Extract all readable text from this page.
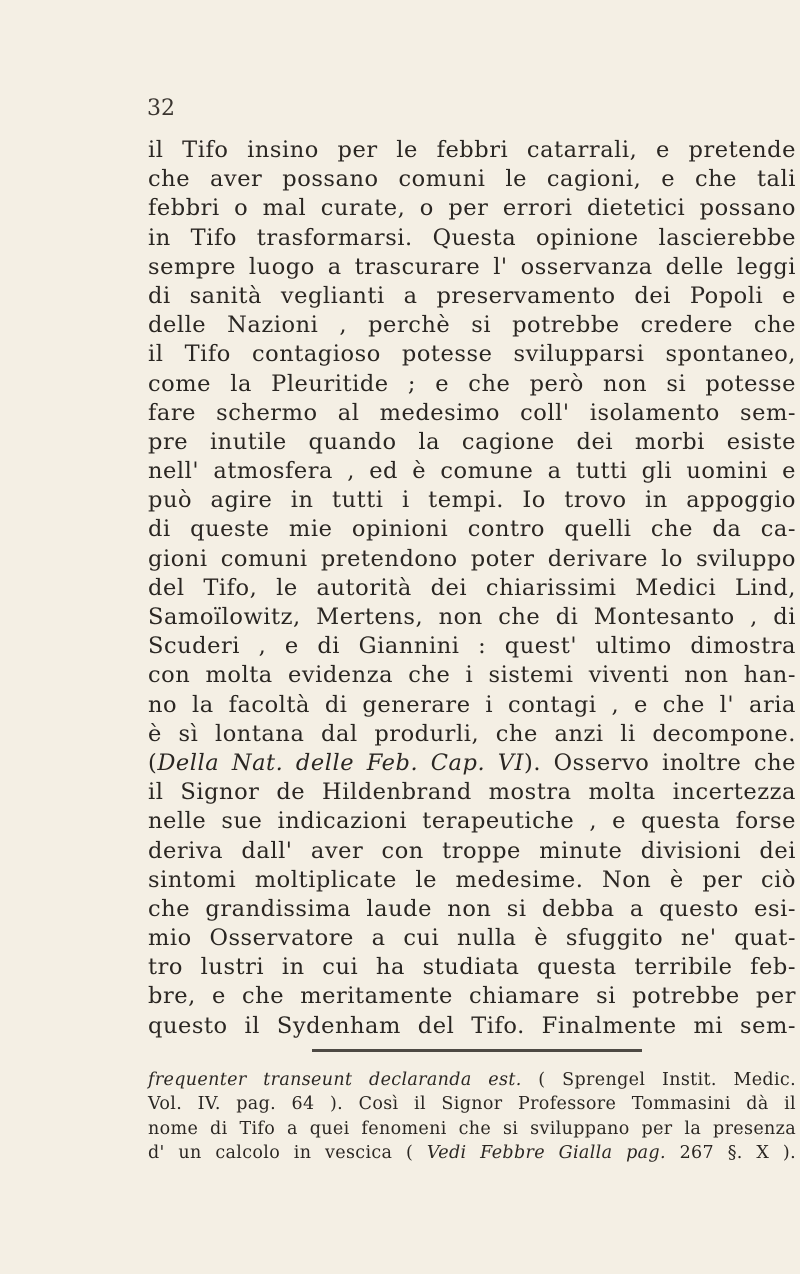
32
il Tifo insino per le febbri catarrali, e pretende
che aver possano comuni le cagioni, e che tali
febbri o mal curate, o per errori dietetici possano
in Tifo trasformarsi. Questa opinione lascierebbe
sempre luogo a trascurare l' osservanza delle leggi
di sanità veglianti a preservamento dei Popoli e
delle Nazioni , perchè si potrebbe credere che
il Tifo contagioso potesse svilupparsi spontaneo,
come la Pleuritide ; e che però non si potesse
fare schermo al medesimo coll' isolamento sem-
pre inutile quando la cagione dei morbi esiste
nell' atmosfera , ed è comune a tutti gli uomini e
può agire in tutti i tempi. Io trovo in appoggio
di queste mie opinioni contro quelli che da ca-
gioni comuni pretendono poter derivare lo sviluppo
del Tifo, le autorità dei chiarissimi Medici Lind,
Samoïlowitz, Mertens, non che di Montesanto , di
Scuderi , e di Giannini : quest' ultimo dimostra
con molta evidenza che i sistemi viventi non han-
no la facoltà di generare i contagi , e che l' aria
è sì lontana dal produrli, che anzi li decompone.
(Della Nat. delle Feb. Cap. VI). Osservo inoltre che
il Signor de Hildenbrand mostra molta incertezza
nelle sue indicazioni terapeutiche , e questa forse
deriva dall' aver con troppe minute divisioni dei
sintomi moltiplicate le medesime. Non è per ciò
che grandissima laude non si debba a questo esi-
mio Osservatore a cui nulla è sfuggito ne' quat-
tro lustri in cui ha studiata questa terribile feb-
bre, e che meritamente chiamare si potrebbe per
questo il Sydenham del Tifo. Finalmente mi sem-
frequenter transeunt declaranda est. ( Sprengel Instit. Medic.
Vol. IV. pag. 64 ). Così il Signor Professore Tommasini dà il
nome di Tifo a quei fenomeni che si sviluppano per la presenza
d' un calcolo in vescica ( Vedi Febbre Gialla pag. 267 §. X ).
